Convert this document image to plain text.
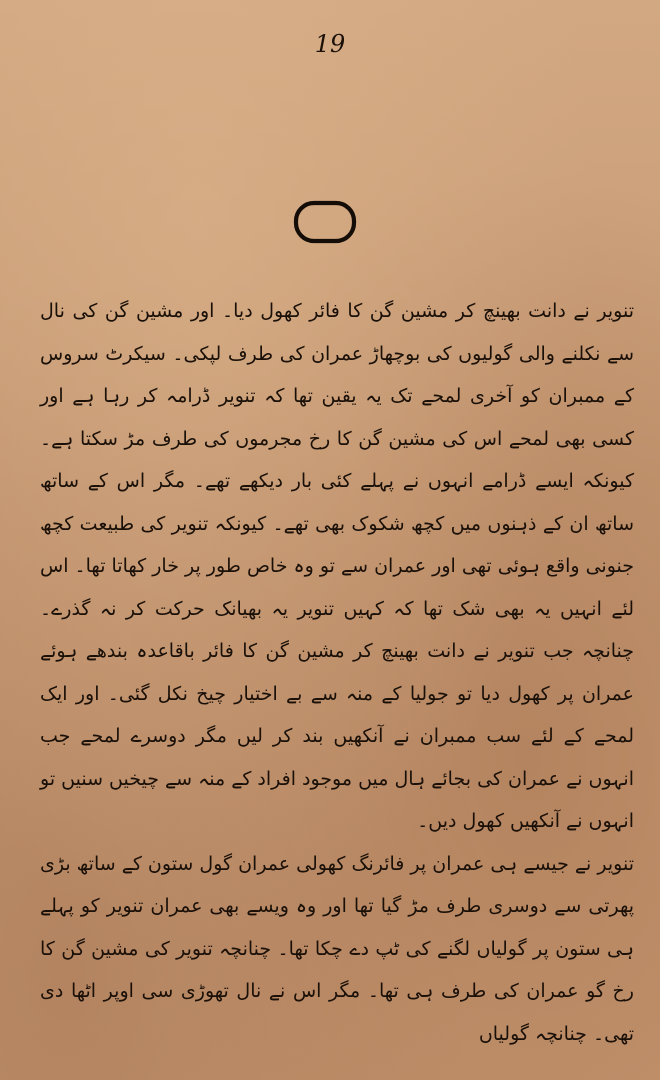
19

تنویر نے دانت بھینچ کر مشین گن کا فائر کھول دیا۔ اور مشین گن کی نال سے نکلنے والی گولیوں کی بوچھاڑ عمران کی طرف لپکی۔ سیکرٹ سروس کے ممبران کو آخری لمحے تک یہ یقین تھا کہ تنویر ڈرامہ کر رہا ہے اور کسی بھی لمحے اس کی مشین گن کا رخ مجرموں کی طرف مڑ سکتا ہے۔ کیونکہ ایسے ڈرامے انہوں نے پہلے کئی بار دیکھے تھے۔ مگر اس کے ساتھ ساتھ ان کے ذہنوں میں کچھ شکوک بھی تھے۔ کیونکہ تنویر کی طبیعت کچھ جنونی واقع ہوئی تھی اور عمران سے تو وہ خاص طور پر خار کھاتا تھا۔ اس لئے انہیں یہ بھی شک تھا کہ کہیں تنویر یہ بھیانک حرکت کر نہ گذرے۔ چنانچہ جب تنویر نے دانت بھینچ کر مشین گن کا فائر باقاعدہ بندھے ہوئے عمران پر کھول دیا تو جولیا کے منہ سے بے اختیار چیخ نکل گئی۔ اور ایک لمحے کے لئے سب ممبران نے آنکھیں بند کر لیں مگر دوسرے لمحے جب انہوں نے عمران کی بجائے ہال میں موجود افراد کے منہ سے چیخیں سنیں تو انہوں نے آنکھیں کھول دیں۔

تنویر نے جیسے ہی عمران پر فائرنگ کھولی عمران گول ستون کے ساتھ بڑی پھرتی سے دوسری طرف مڑ گیا تھا اور وہ ویسے بھی عمران تنویر کو پہلے ہی ستون پر گولیاں لگنے کی ٹپ دے چکا تھا۔ چنانچہ تنویر کی مشین گن کا رخ گو عمران کی طرف ہی تھا۔ مگر اس نے نال تھوڑی سی اوپر اٹھا دی تھی۔ چنانچہ گولیاں
